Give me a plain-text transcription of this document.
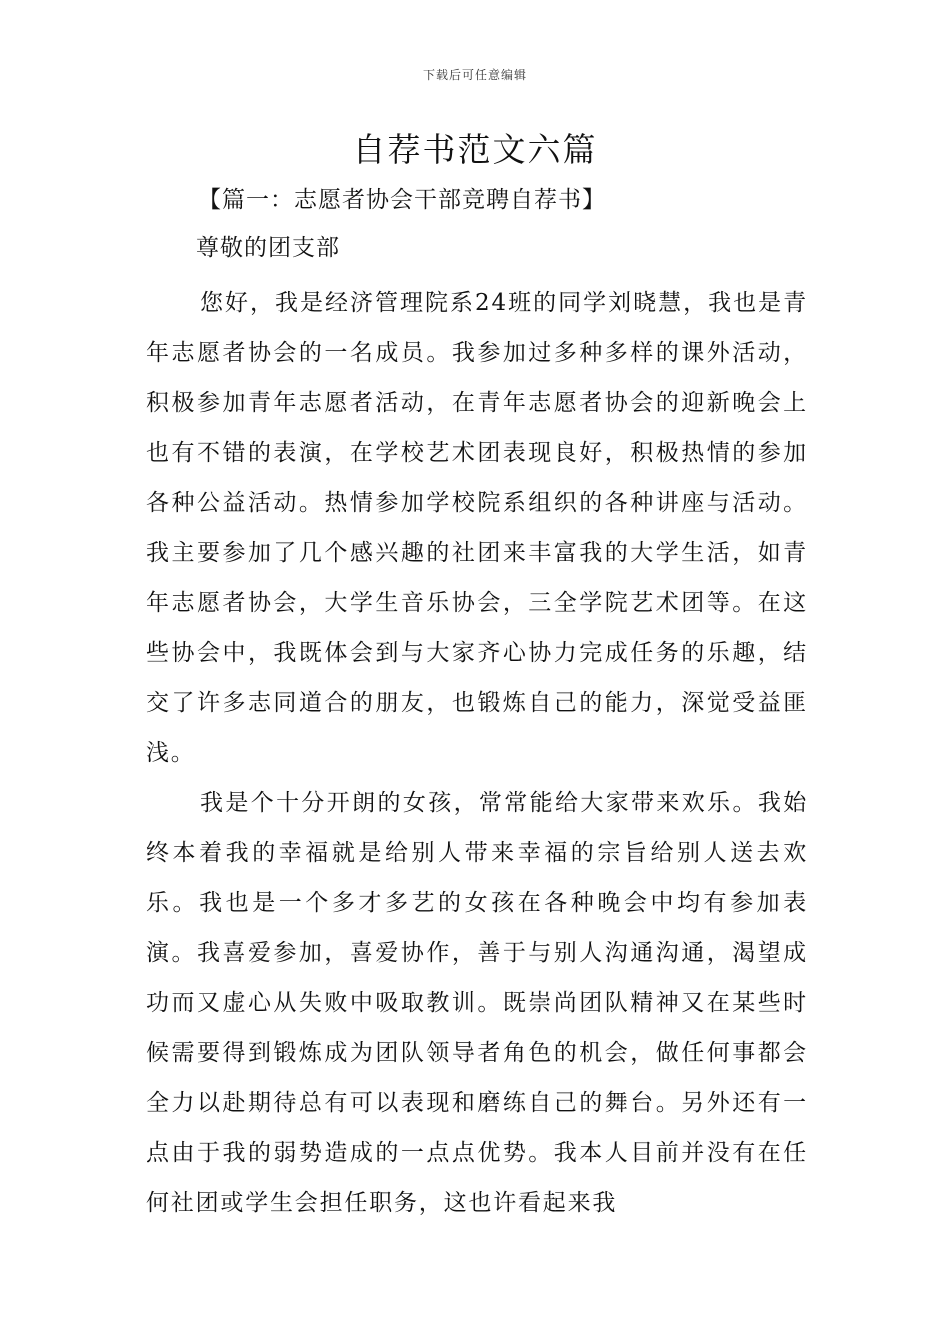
下载后可任意编辑
自荐书范文六篇

【篇一：志愿者协会干部竞聘自荐书】

尊敬的团支部

您好，我是经济管理院系24班的同学刘晓慧，我也是青年志愿者协会的一名成员。我参加过多种多样的课外活动，积极参加青年志愿者活动，在青年志愿者协会的迎新晚会上也有不错的表演，在学校艺术团表现良好，积极热情的参加各种公益活动。热情参加学校院系组织的各种讲座与活动。我主要参加了几个感兴趣的社团来丰富我的大学生活，如青年志愿者协会，大学生音乐协会，三全学院艺术团等。在这些协会中，我既体会到与大家齐心协力完成任务的乐趣，结交了许多志同道合的朋友，也锻炼自己的能力，深觉受益匪浅。

我是个十分开朗的女孩，常常能给大家带来欢乐。我始终本着我的幸福就是给别人带来幸福的宗旨给别人送去欢乐。我也是一个多才多艺的女孩在各种晚会中均有参加表演。我喜爱参加，喜爱协作，善于与别人沟通沟通，渴望成功而又虚心从失败中吸取教训。既崇尚团队精神又在某些时候需要得到锻炼成为团队领导者角色的机会，做任何事都会全力以赴期待总有可以表现和磨练自己的舞台。另外还有一点由于我的弱势造成的一点点优势。我本人目前并没有在任何社团或学生会担任职务，这也许看起来我
